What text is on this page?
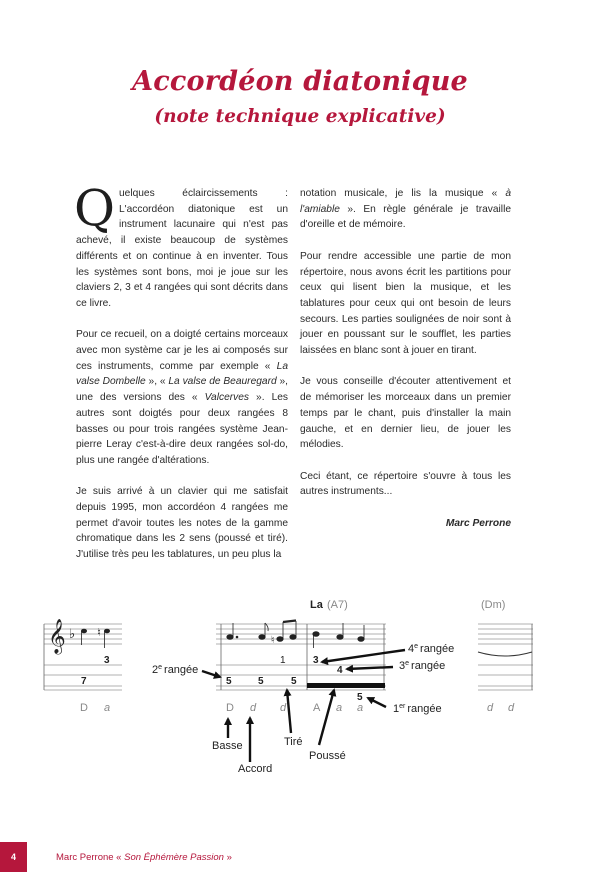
Accordéon diatonique
(note technique explicative)

Quelques éclaircissements : L'accordéon diatonique est un instrument lacunaire qui n'est pas achevé, il existe beaucoup de systèmes différents et on continue à en inventer. Tous les systèmes sont bons, moi je joue sur les claviers 2, 3 et 4 rangées qui sont décrits dans ce livre.

Pour ce recueil, on a doigté certains morceaux avec mon système car je les ai composés sur ces instruments, comme par exemple « La valse Dombelle », « La valse de Beauregard », une des versions des « Valcerves ». Les autres sont doigtés pour deux rangées 8 basses ou pour trois rangées système Jean-pierre Leray c'est-à-dire deux rangées sol-do, plus une rangée d'altérations.

Je suis arrivé à un clavier qui me satisfait depuis 1995, mon accordéon 4 rangées me permet d'avoir toutes les notes de la gamme chromatique dans les 2 sens (poussé et tiré). J'utilise très peu les tablatures, un peu plus la

notation musicale, je lis la musique « à l'amiable ». En règle générale je travaille d'oreille et de mémoire.

Pour rendre accessible une partie de mon répertoire, nous avons écrit les partitions pour ceux qui lisent bien la musique, et les tablatures pour ceux qui ont besoin de leurs secours. Les parties soulignées de noir sont à jouer en poussant sur le soufflet, les parties laissées en blanc sont à jouer en tirant.

Je vous conseille d'écouter attentivement et de mémoriser les morceaux dans un premier temps par le chant, puis d'installer la main gauche, et en dernier lieu, de jouer les mélodies.

Ceci étant, ce répertoire s'ouvre à tous les autres instruments...

Marc Perrone

𝄞 ♭ ♮
3
7
D a
♮
1
5	5	5
3
4
5
La (A7)
D d d A a a
(Dm)
d d
2e rangée
4e rangée
3e rangée
1er rangée
Basse
Accord
Tiré
Poussé
4	Marc Perrone « Son Éphémère Passion »
